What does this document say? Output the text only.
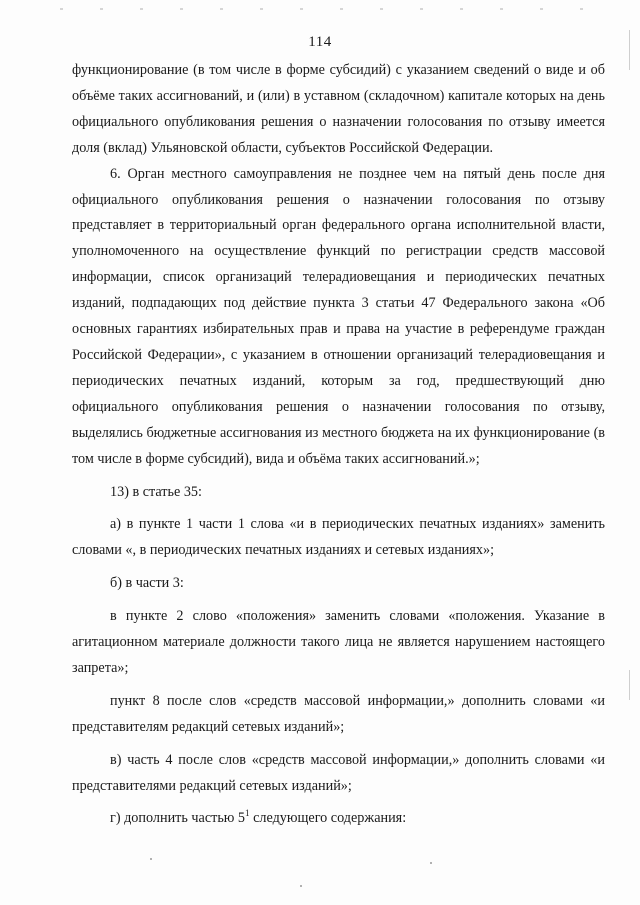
114

функционирование (в том числе в форме субсидий) с указанием сведений о виде и об объёме таких ассигнований, и (или) в уставном (складочном) капитале которых на день официального опубликования решения о назначении голосования по отзыву имеется доля (вклад) Ульяновской области, субъектов Российской Федерации.

6. Орган местного самоуправления не позднее чем на пятый день после дня официального опубликования решения о назначении голосования по отзыву представляет в территориальный орган федерального органа исполнительной власти, уполномоченного на осуществление функций по регистрации средств массовой информации, список организаций телерадиовещания и периодических печатных изданий, подпадающих под действие пункта 3 статьи 47 Федерального закона «Об основных гарантиях избирательных прав и права на участие в референдуме граждан Российской Федерации», с указанием в отношении организаций телерадиовещания и периодических печатных изданий, которым за год, предшествующий дню официального опубликования решения о назначении голосования по отзыву, выделялись бюджетные ассигнования из местного бюджета на их функционирование (в том числе в форме субсидий), вида и объёма таких ассигнований.»;

13) в статье 35:

а) в пункте 1 части 1 слова «и в периодических печатных изданиях» заменить словами «, в периодических печатных изданиях и сетевых изданиях»;

б) в части 3:

в пункте 2 слово «положения» заменить словами «положения. Указание в агитационном материале должности такого лица не является нарушением настоящего запрета»;

пункт 8 после слов «средств массовой информации,» дополнить словами «и представителям редакций сетевых изданий»;

в) часть 4 после слов «средств массовой информации,» дополнить словами «и представителями редакций сетевых изданий»;

г) дополнить частью $5^1$ следующего содержания:
